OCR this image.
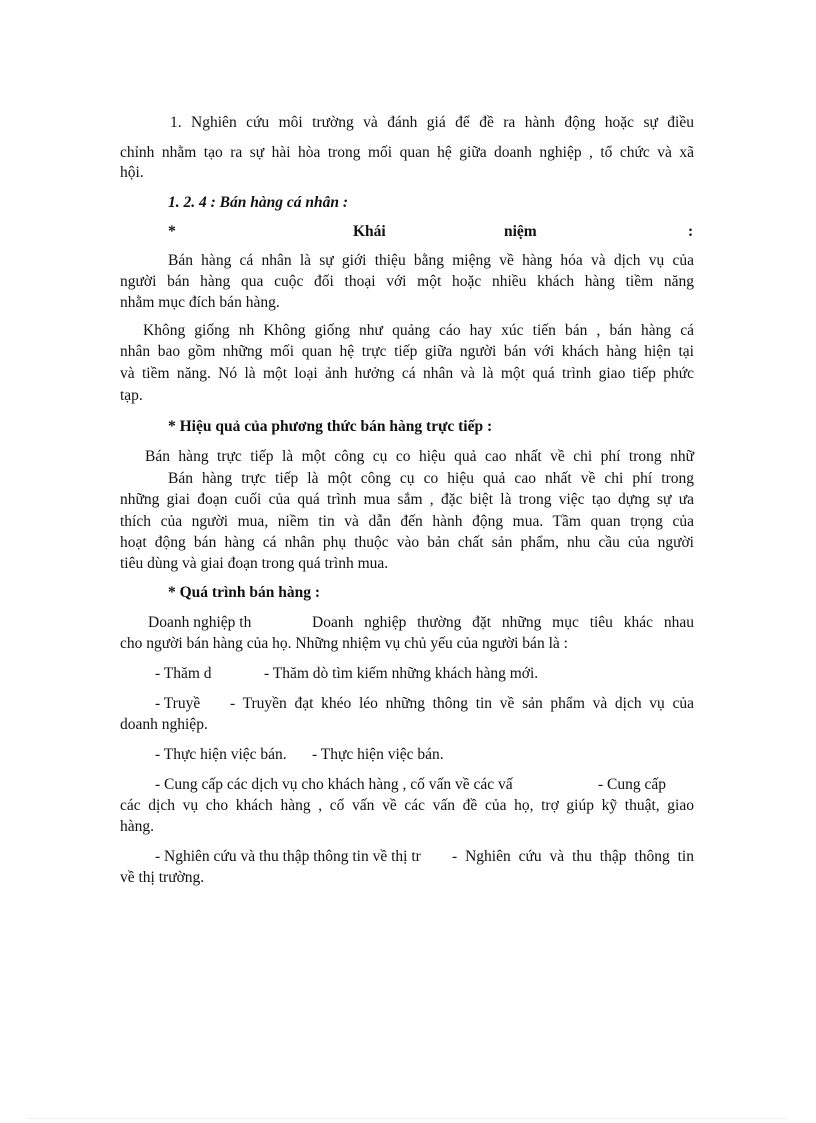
1. Nghiên cứu môi trường và đánh giá để đề ra hành động hoặc sự điều
chỉnh nhằm tạo ra sự hài hòa trong mối quan hệ giữa doanh nghiệp , tổ chức và xã
hội.
1. 2. 4 : Bán hàng cá nhân :
*	Khái	niệm	:
Bán hàng cá nhân là sự giới thiệu bằng miệng về hàng hóa và dịch vụ của
người bán hàng qua cuộc đối thoại với một hoặc nhiều khách hàng tiềm năng
nhằm mục đích bán hàng.
Không giống nh Không giống như quảng cáo hay xúc tiến bán , bán hàng cá
nhân bao gồm những mối quan hệ trực tiếp giữa người bán với khách hàng hiện tại
và tiềm năng. Nó là một loại ảnh hưởng cá nhân và là một quá trình giao tiếp phức
tạp.
* Hiệu quả của phương thức bán hàng trực tiếp :
Bán hàng trực tiếp là một công cụ co hiệu quả cao nhất về chi phí trong nhữ
Bán hàng trực tiếp là một công cụ co hiệu quả cao nhất về chi phí trong
những giai đoạn cuối của quá trình mua sắm , đặc biệt là trong việc tạo dựng sự ưa
thích của người mua, niềm tin và dẫn đến hành động mua. Tầm quan trọng của
hoạt động bán hàng cá nhân phụ thuộc vào bản chất sản phẩm, nhu cầu của người
tiêu dùng và giai đoạn trong quá trình mua.
* Quá trình bán hàng :
Doanh nghiệp th	Doanh nghiệp thường đặt những mục tiêu khác nhau
cho người bán hàng của họ. Những nhiệm vụ chủ yếu của người bán là :
- Thăm d	- Thăm dò tìm kiếm những khách hàng mới.
- Truyề - Truyền đạt khéo léo những thông tin về sản phẩm và dịch vụ của
doanh nghiệp.
- Thực hiện việc bán. - Thực hiện việc bán.
- Cung cấp các dịch vụ cho khách hàng , cố vấn về các vấ	- Cung cấp
các dịch vụ cho khách hàng , cố vấn về các vấn đề của họ, trợ giúp kỹ thuật, giao
hàng.
- Nghiên cứu và thu thập thông tin về thị tr - Nghiên cứu và thu thập thông tin
về thị trường.
